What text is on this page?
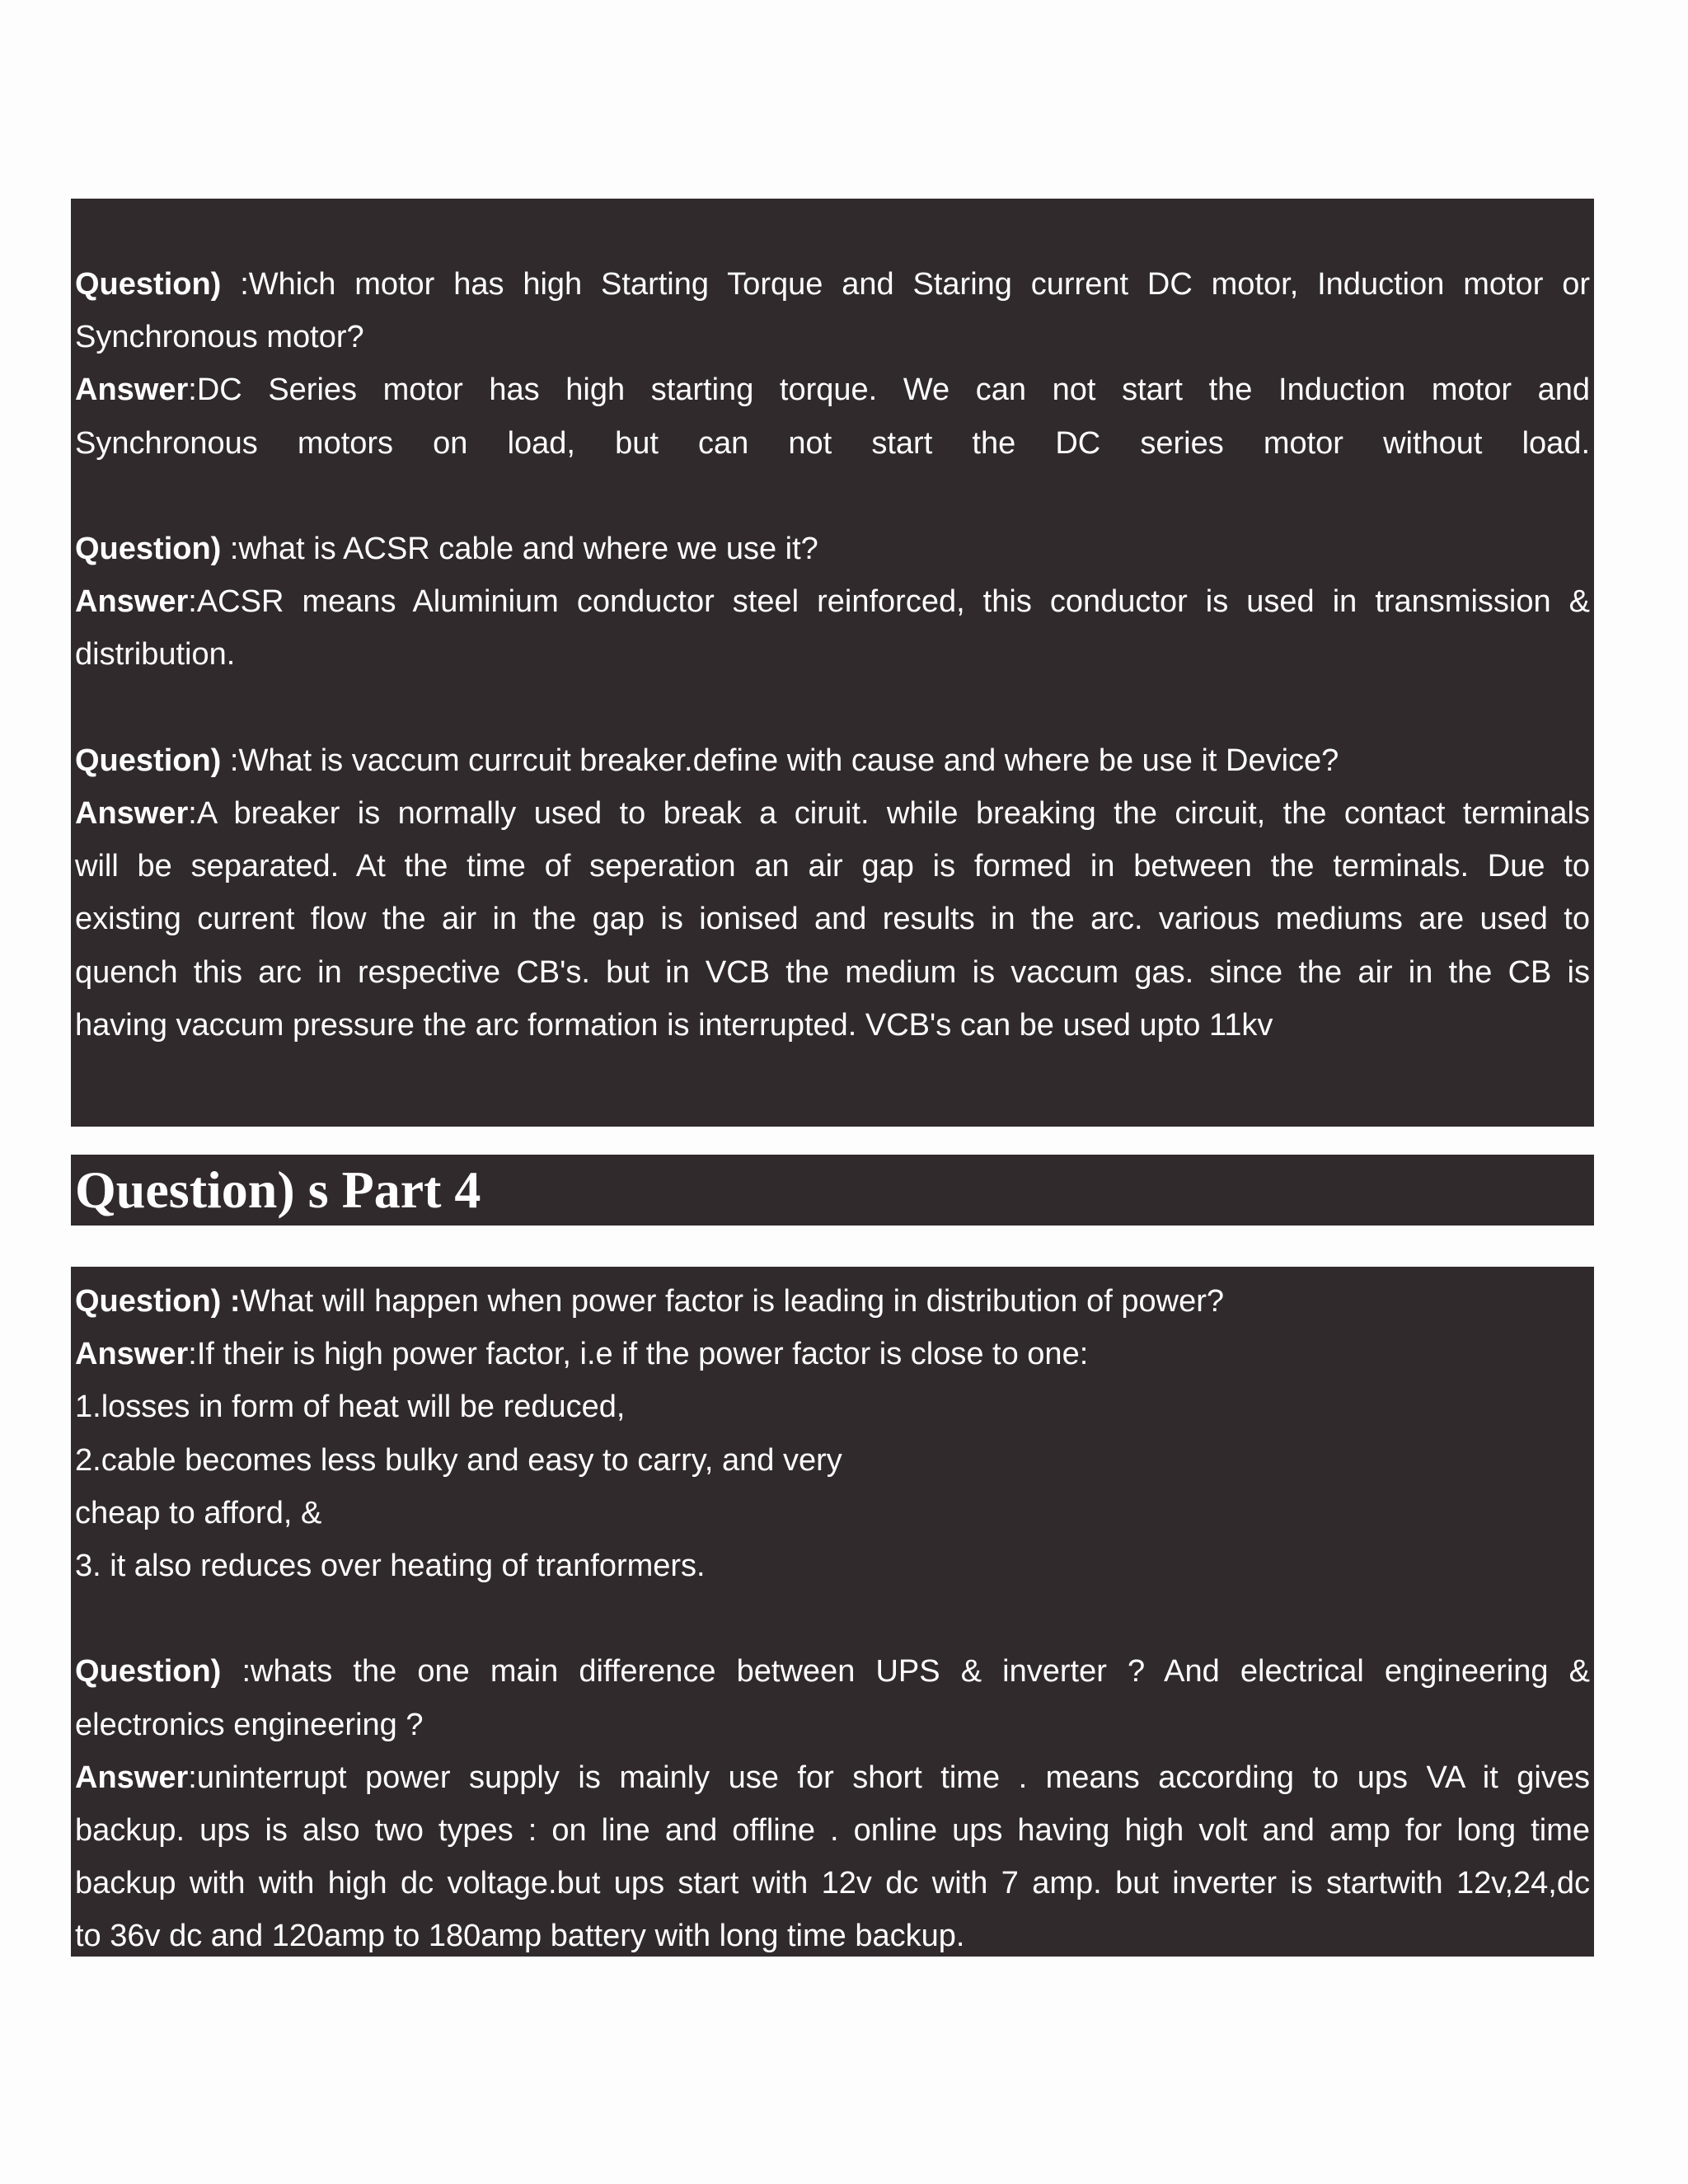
Question) :Which motor has high Starting Torque and Staring current DC motor, Induction motor or

Synchronous motor?

Answer:DC Series motor has high starting torque. We can not start the Induction motor and

Synchronous motors on load, but can not start the DC series motor without load.

Question) :what is ACSR cable and where we use it?

Answer:ACSR means Aluminium conductor steel reinforced, this conductor is used in transmission &

distribution.

Question) :What is vaccum currcuit breaker.define with cause and where be use it Device?

Answer:A breaker is normally used to break a ciruit. while breaking the circuit, the contact terminals

will be separated. At the time of seperation an air gap is formed in between the terminals. Due to

existing current flow the air in the gap is ionised and results in the arc. various mediums are used to

quench this arc in respective CB's. but in VCB the medium is vaccum gas. since the air in the CB is

having vaccum pressure the arc formation is interrupted. VCB's can be used upto 11kv

Question) s Part 4

Question) :What will happen when power factor is leading in distribution of power?

Answer:If their is high power factor, i.e if the power factor is close to one:

1.losses in form of heat will be reduced,

2.cable becomes less bulky and easy to carry, and very

cheap to afford, &

3. it also reduces over heating of tranformers.

Question) :whats the one main difference between UPS & inverter ? And electrical engineering &

electronics engineering ?

Answer:uninterrupt power supply is mainly use for short time . means according to ups VA it gives

backup. ups is also two types : on line and offline . online ups having high volt and amp for long time

backup with with high dc voltage.but ups start with 12v dc with 7 amp. but inverter is startwith 12v,24,dc

to 36v dc and 120amp to 180amp battery with long time backup.
